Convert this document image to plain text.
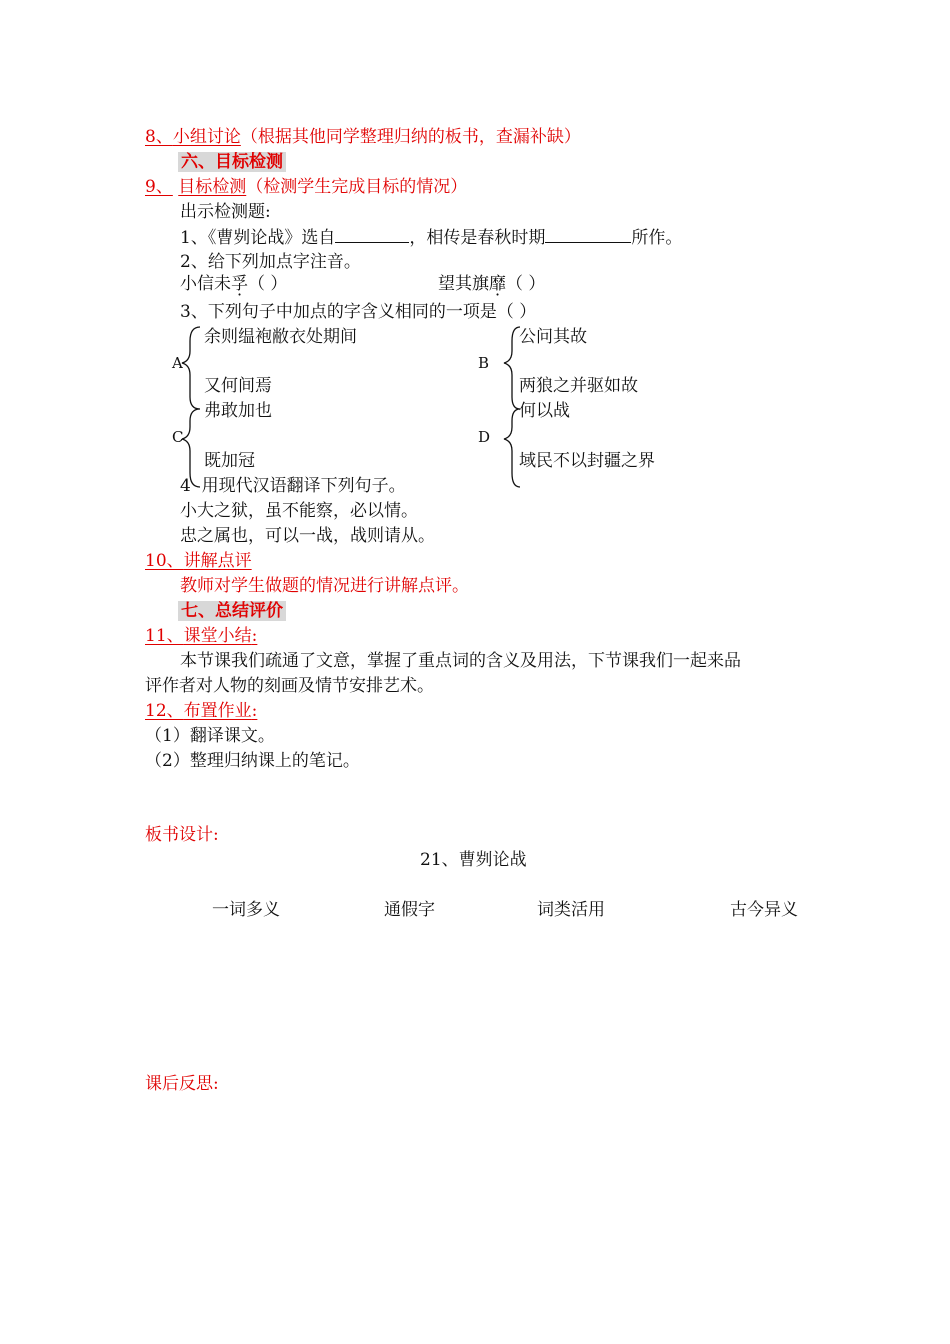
8、小组讨论（根据其他同学整理归纳的板书，查漏补缺）
六、目标检测
9、 目标检测（检测学生完成目标的情况）
出示检测题:
1、《曹刿论战》选自	，相传是春秋时期	所作。
2、给下列加点字注音。
小信未孚（ ）	望其旗靡（ ）
3、下列句子中加点的字含义相同的一项是（ ）
A
余则缊袍敝衣处期间
又何间焉
B
公问其故
两狼之并驱如故
C
弗敢加也
既加冠
D
何以战
域民不以封疆之界
4 用现代汉语翻译下列句子。
小大之狱，虽不能察，必以情。
忠之属也，可以一战，战则请从。
10、讲解点评
教师对学生做题的情况进行讲解点评。
七、总结评价
11、课堂小结:
本节课我们疏通了文意，掌握了重点词的含义及用法，下节课我们一起来品
评作者对人物的刻画及情节安排艺术。
12、布置作业:
（1）翻译课文。
（2）整理归纳课上的笔记。
板书设计:
21、曹刿论战
一词多义	通假字	词类活用	古今异义
课后反思:
